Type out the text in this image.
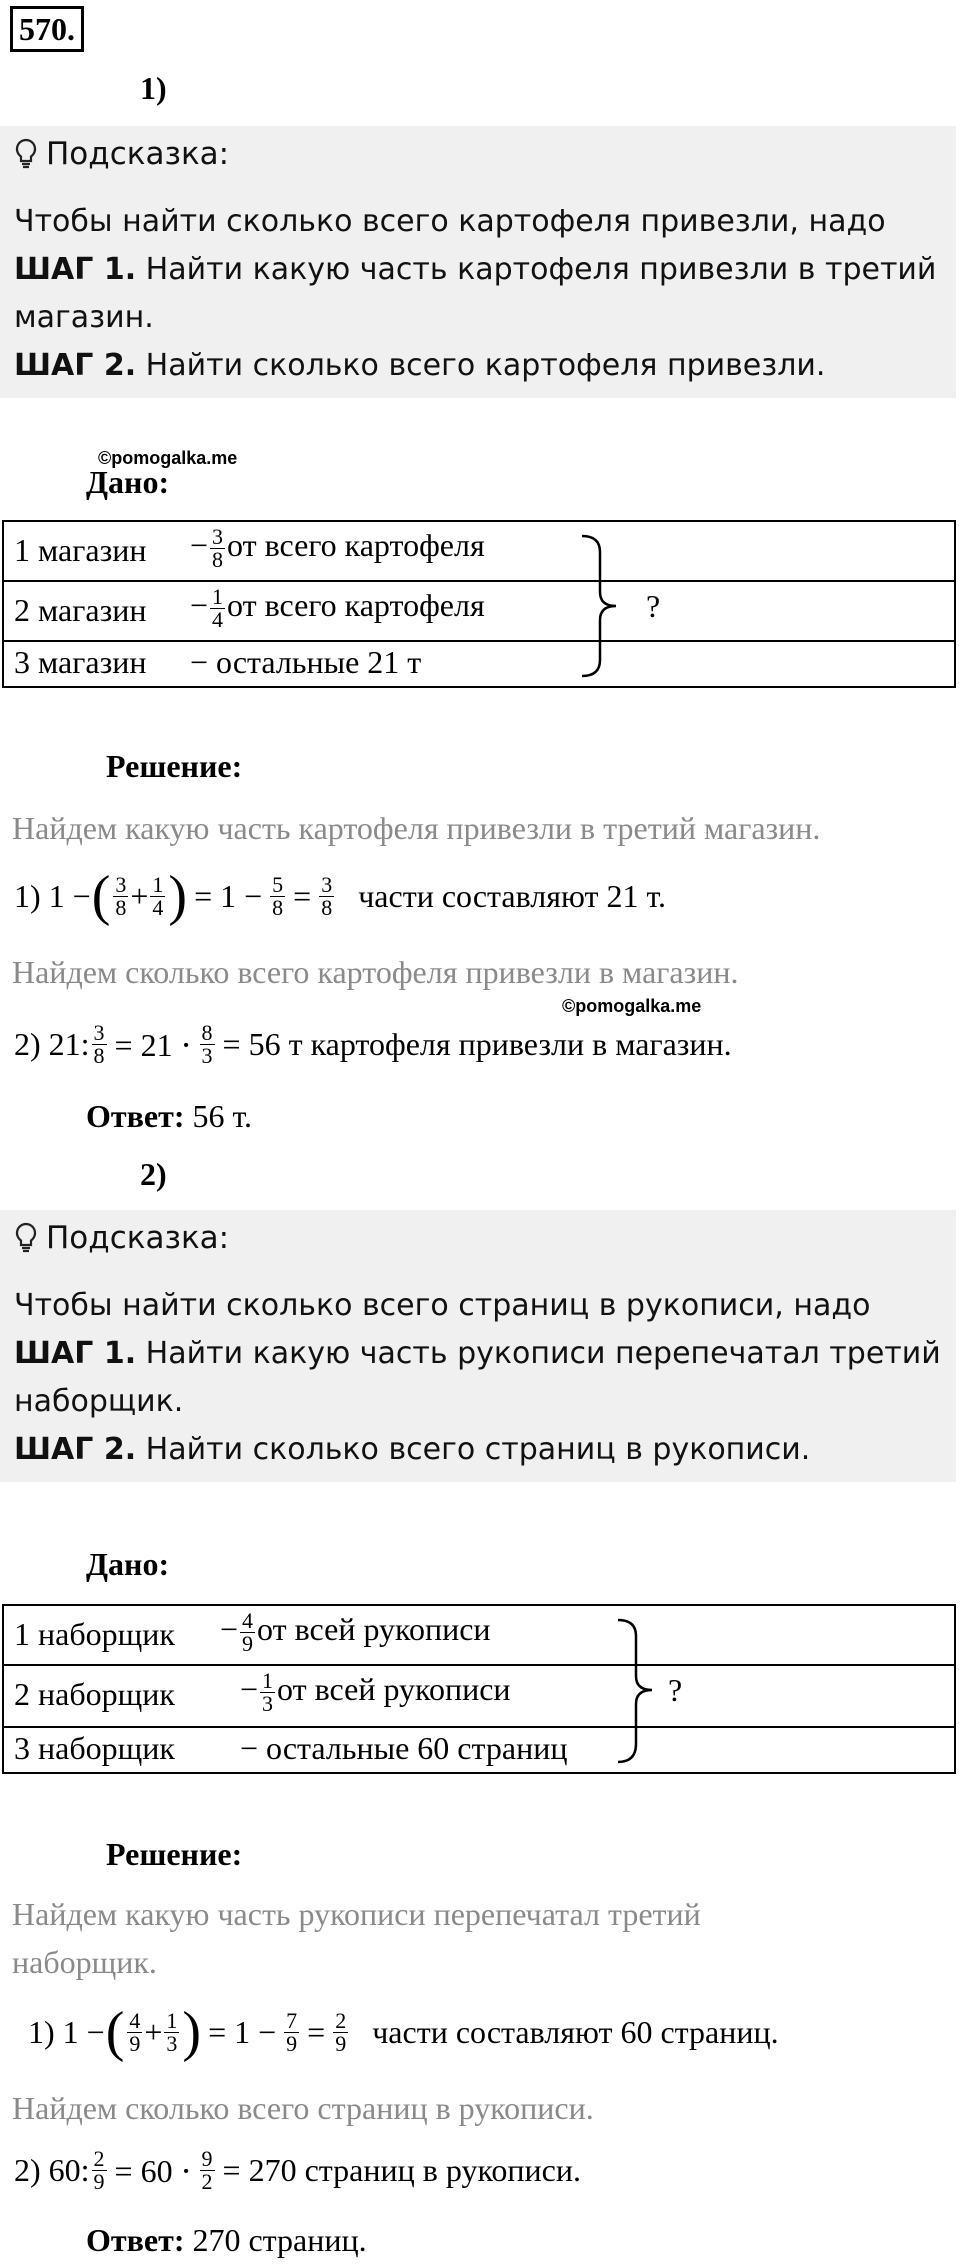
570.
1)
Подсказка:
Чтобы найти сколько всего картофеля привезли, надо
ШАГ 1. Найти какую часть картофеля привезли в третий
магазин.
ШАГ 2. Найти сколько всего картофеля привезли.
©pomogalka.me
Дано:
1 магазин − $\frac{3}{8}$ от всего картофеля
2 магазин − $\frac{1}{4}$ от всего картофеля
3 магазин − остальные 21 т
?
Решение:
Найдем какую часть картофеля привезли в третий магазин.
1) 1 − ( $\frac{3}{8} + \frac{1}{4}$ ) = $1 - \frac{5}{8} = \frac{3}{8}$ части составляют 21 т.
Найдем сколько всего картофеля привезли в магазин.
©pomogalka.me
2) 21: $\frac{3}{8} = 21 \cdot \frac{8}{3} = 56$ т картофеля привезли в магазин.
Ответ: 56 т.
2)
Подсказка:
Чтобы найти сколько всего страниц в рукописи, надо
ШАГ 1. Найти какую часть рукописи перепечатал третий
наборщик.
ШАГ 2. Найти сколько всего страниц в рукописи.
Дано:
1 наборщик − $\frac{4}{9}$ от всей рукописи
2 наборщик − $\frac{1}{3}$ от всей рукописи
3 наборщик − остальные 60 страниц
?
Решение:
Найдем какую часть рукописи перепечатал третий
наборщик.
1) 1 − ( $\frac{4}{9} + \frac{1}{3}$ ) = $1 - \frac{7}{9} = \frac{2}{9}$ части составляют 60 страниц.
Найдем сколько всего страниц в рукописи.
2) 60: $\frac{2}{9} = 60 \cdot \frac{9}{2} = 270$ страниц в рукописи.
Ответ: 270 страниц.
